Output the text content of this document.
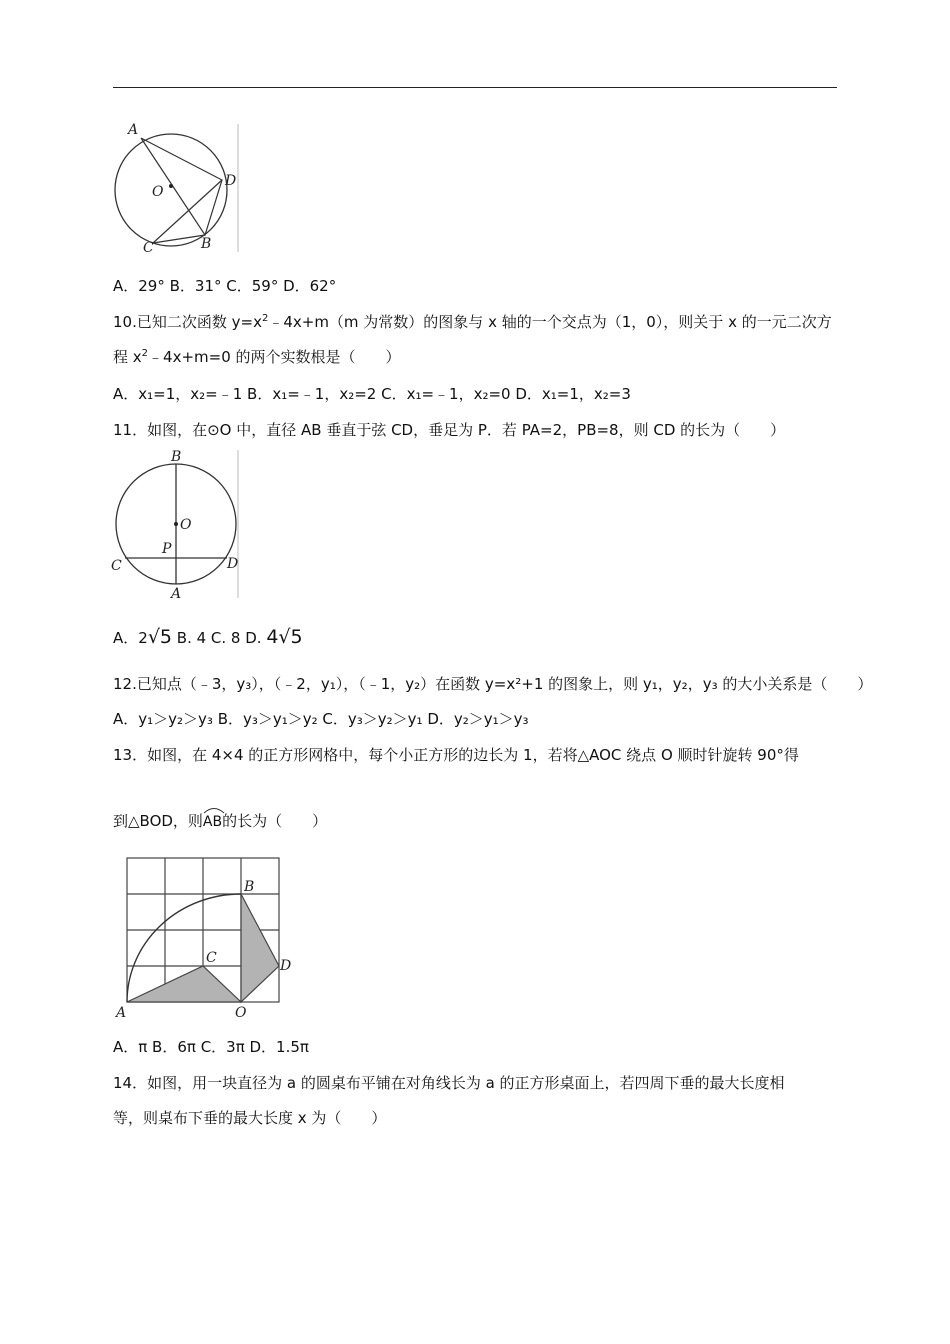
A
O
D
C	B
A．29° B．31° C．59° D．62°
10.已知二次函数 $y=x^2﹣4x+m(m$ 为常数）的图象与 x 轴的一个交点为（1，0），则关于 x 的一元二次方
程 $x^2﹣4x+m=0$ 的两个实数根是（　　）
A．x₁=1，x₂=﹣1 B．x₁=﹣1，x₂=2 C．x₁=﹣1，x₂=0 D．x₁=1，x₂=3
11．如图，在⊙O 中，直径 AB 垂直于弦 CD，垂足为 P．若 PA=2，PB=8，则 CD 的长为（　　）
B
O
P
C	D
A
A．2√5 B. 4 C. 8 D. 4√5
12.已知点（﹣3，y₃），（﹣2，y₁），（﹣1，y₂）在函数 y=x²+1 的图象上，则 y₁，y₂，y₃ 的大小关系是（　　）
A．y₁＞y₂＞y₃ B．y₃＞y₁＞y₂ C．y₃＞y₂＞y₁ D．y₂＞y₁＞y₃
13．如图，在 4×4 的正方形网格中，每个小正方形的边长为 1，若将△AOC 绕点 O 顺时针旋转 90°得
到△BOD，则
AB的长为（　　）
A	O
B
C	D
A．π B．6π C．3π D．1.5π
14．如图，用一块直径为 a 的圆桌布平铺在对角线长为 a 的正方形桌面上，若四周下垂的最大长度相
等，则桌布下垂的最大长度 x 为（　　）
